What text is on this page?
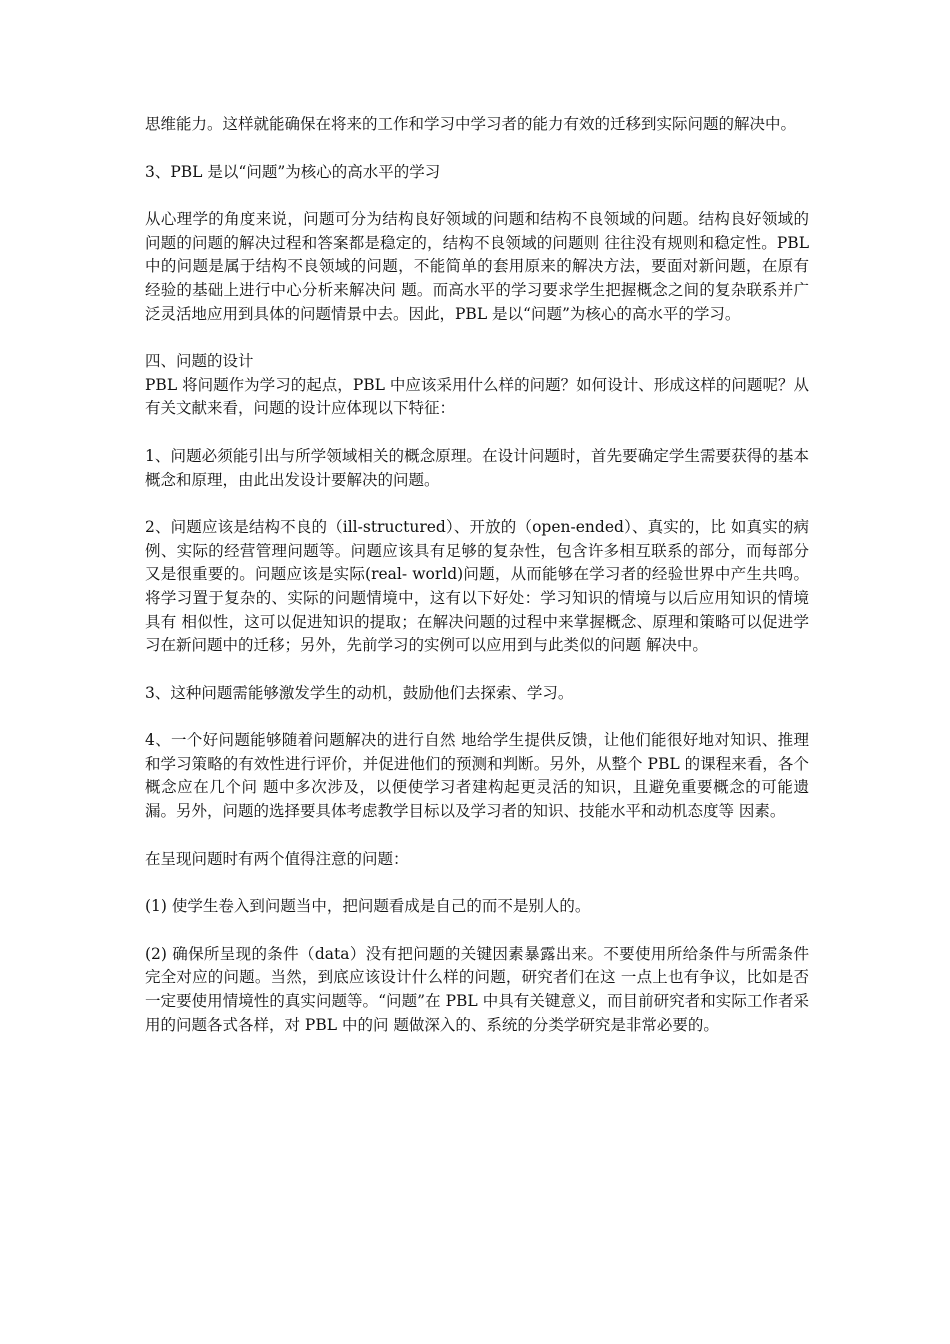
思维能力。这样就能确保在将来的工作和学习中学习者的能力有效的迁移到实际问题的解决中。

3、PBL 是以“问题”为核心的高水平的学习

从心理学的角度来说，问题可分为结构良好领域的问题和结构不良领域的问题。结构良好领域的问题的问题的解决过程和答案都是稳定的，结构不良领域的问题则 往往没有规则和稳定性。PBL 中的问题是属于结构不良领域的问题，不能简单的套用原来的解决方法，要面对新问题，在原有经验的基础上进行中心分析来解决问 题。而高水平的学习要求学生把握概念之间的复杂联系并广泛灵活地应用到具体的问题情景中去。因此，PBL 是以“问题”为核心的高水平的学习。

四、问题的设计

PBL 将问题作为学习的起点，PBL 中应该采用什么样的问题？如何设计、形成这样的问题呢？从有关文献来看，问题的设计应体现以下特征：

1、问题必须能引出与所学领域相关的概念原理。在设计问题时，首先要确定学生需要获得的基本概念和原理，由此出发设计要解决的问题。

2、问题应该是结构不良的（ill-structured）、开放的（open-ended）、真实的，比 如真实的病例、实际的经营管理问题等。问题应该具有足够的复杂性，包含许多相互联系的部分，而每部分又是很重要的。问题应该是实际(real- world)问题，从而能够在学习者的经验世界中产生共鸣。将学习置于复杂的、实际的问题情境中，这有以下好处：学习知识的情境与以后应用知识的情境具有 相似性，这可以促进知识的提取；在解决问题的过程中来掌握概念、原理和策略可以促进学习在新问题中的迁移；另外，先前学习的实例可以应用到与此类似的问题 解决中。

3、这种问题需能够激发学生的动机，鼓励他们去探索、学习。

4、一个好问题能够随着问题解决的进行自然 地给学生提供反馈，让他们能很好地对知识、推理和学习策略的有效性进行评价，并促进他们的预测和判断。另外，从整个 PBL 的课程来看，各个概念应在几个问 题中多次涉及，以便使学习者建构起更灵活的知识，且避免重要概念的可能遗漏。另外，问题的选择要具体考虑教学目标以及学习者的知识、技能水平和动机态度等 因素。

在呈现问题时有两个值得注意的问题：

(1) 使学生卷入到问题当中，把问题看成是自己的而不是别人的。

(2) 确保所呈现的条件（data）没有把问题的关键因素暴露出来。不要使用所给条件与所需条件完全对应的问题。当然，到底应该设计什么样的问题，研究者们在这 一点上也有争议，比如是否一定要使用情境性的真实问题等。“问题”在 PBL 中具有关键意义，而目前研究者和实际工作者采用的问题各式各样，对 PBL 中的问 题做深入的、系统的分类学研究是非常必要的。
